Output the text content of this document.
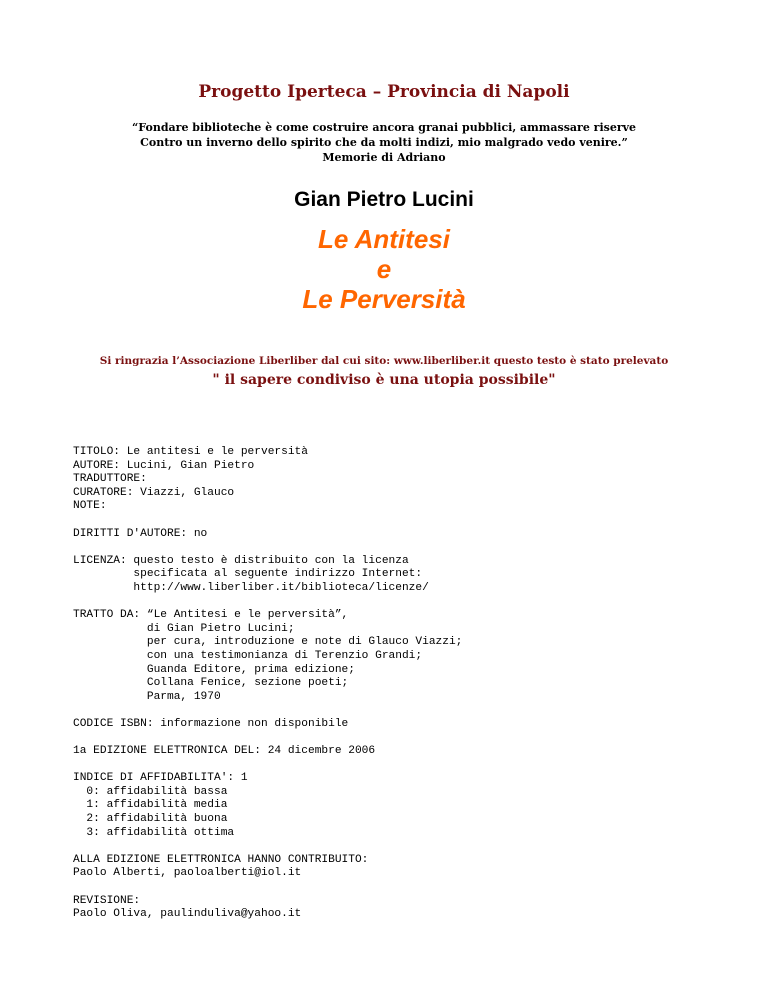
Progetto Iperteca – Provincia di Napoli
“Fondare biblioteche è come costruire ancora granai pubblici, ammassare riserve
Contro un inverno dello spirito che da molti indizi, mio malgrado vedo venire.”
Memorie di Adriano
Gian Pietro Lucini
Le Antitesi
e
Le Perversità
Si ringrazia l’Associazione Liberliber dal cui sito: www.liberliber.it questo testo è stato prelevato
" il sapere condiviso è una utopia possibile"
TITOLO: Le antitesi e le perversità
AUTORE: Lucini, Gian Pietro
TRADUTTORE:
CURATORE: Viazzi, Glauco
NOTE:
DIRITTI D'AUTORE: no
LICENZA: questo testo è distribuito con la licenza
specificata al seguente indirizzo Internet:
http://www.liberliber.it/biblioteca/licenze/
TRATTO DA: “Le Antitesi e le perversità”,
di Gian Pietro Lucini;
per cura, introduzione e note di Glauco Viazzi;
con una testimonianza di Terenzio Grandi;
Guanda Editore, prima edizione;
Collana Fenice, sezione poeti;
Parma, 1970
CODICE ISBN: informazione non disponibile
1a EDIZIONE ELETTRONICA DEL: 24 dicembre 2006
INDICE DI AFFIDABILITA': 1
0: affidabilità bassa
1: affidabilità media
2: affidabilità buona
3: affidabilità ottima
ALLA EDIZIONE ELETTRONICA HANNO CONTRIBUITO:
Paolo Alberti, paoloalberti@iol.it
REVISIONE:
Paolo Oliva, paulinduliva@yahoo.it
